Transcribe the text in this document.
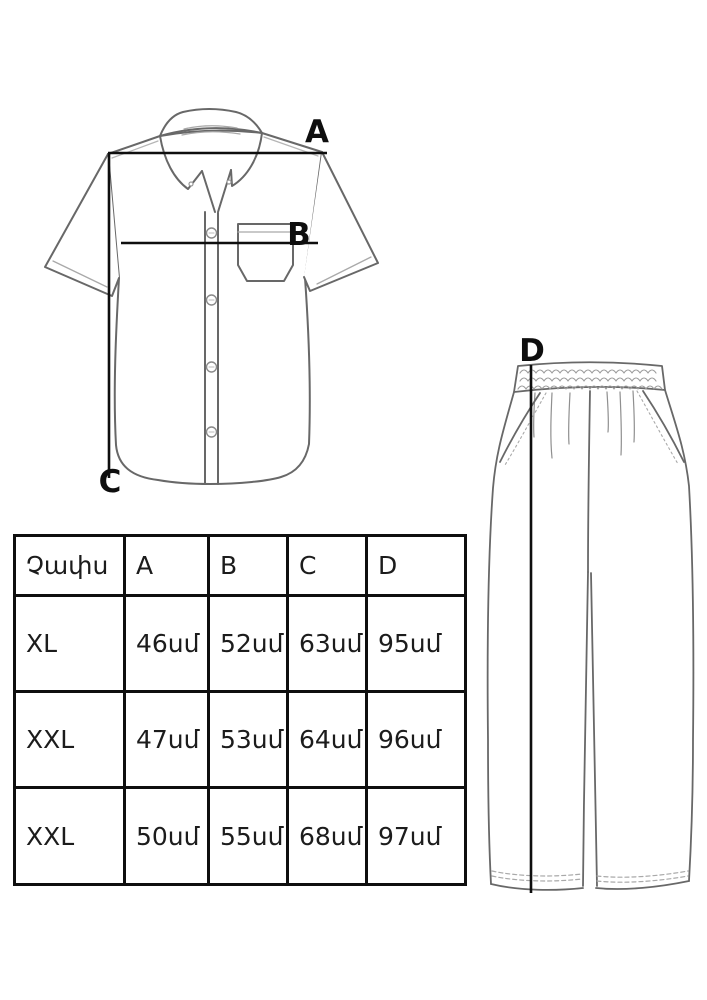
A
B
C
D
Չափս	A	B	C	D
XL	46սմ	52սմ	63սմ	95սմ
XXL	47սմ	53սմ	64սմ	96սմ
XXL	50սմ	55սմ	68սմ	97սմ
